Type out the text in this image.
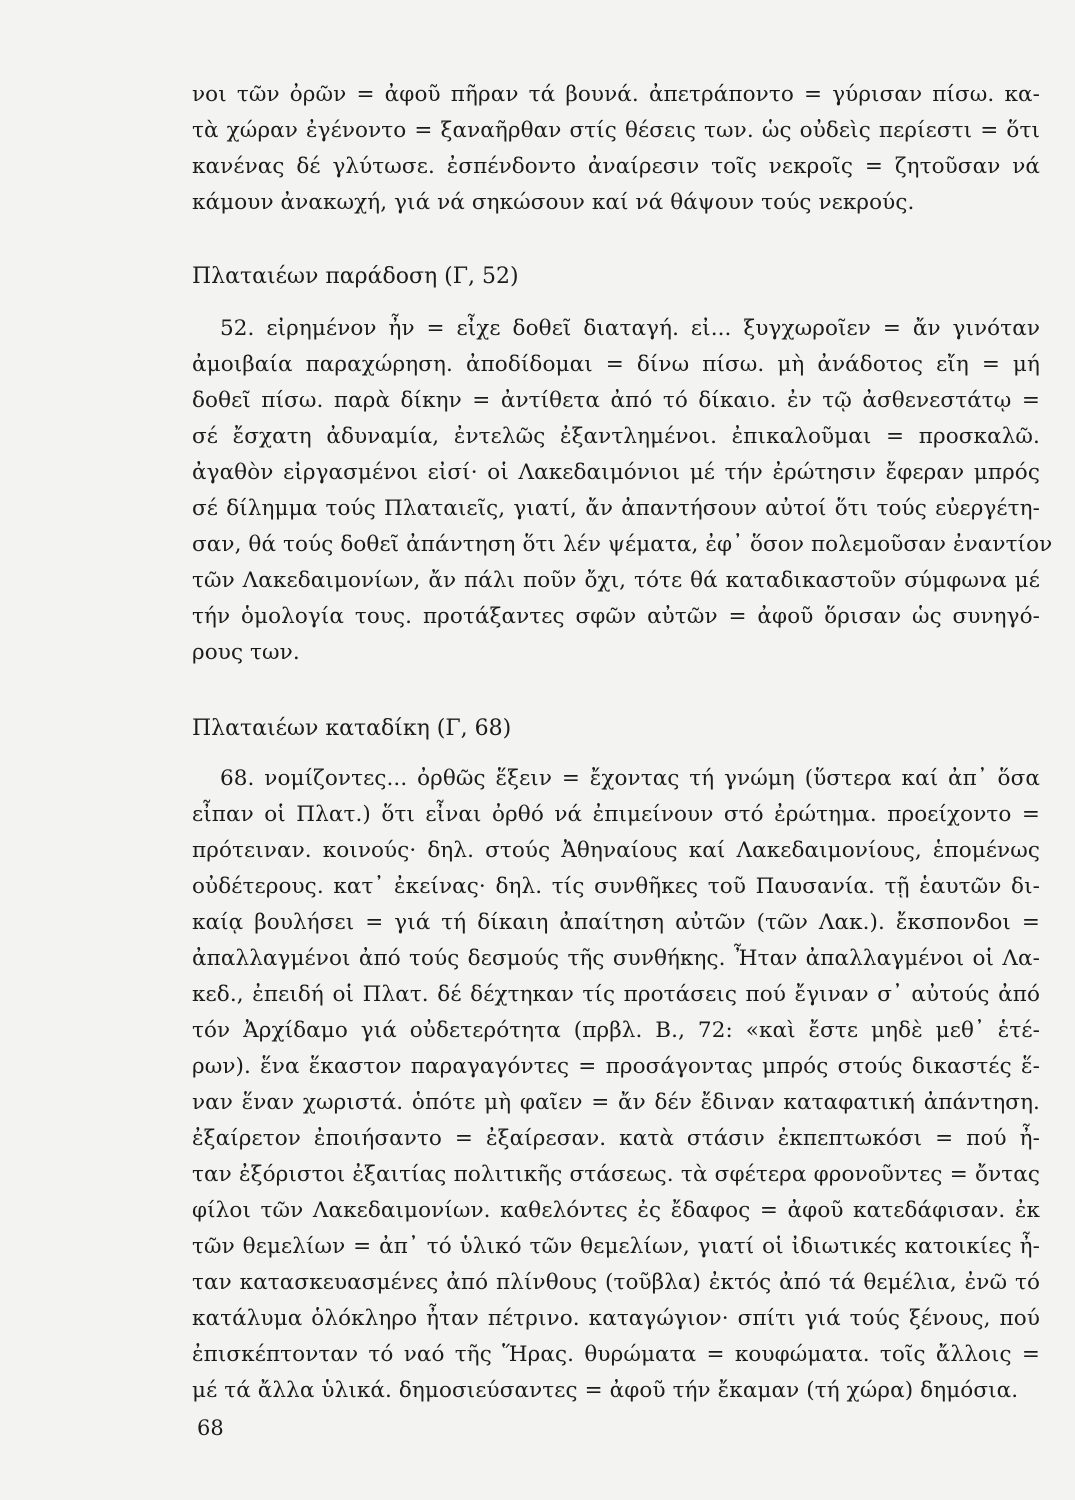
νοι τῶν ὀρῶν = ἀφοῦ πῆραν τά βουνά. ἀπετράποντο = γύρισαν πίσω. κα-
τὰ χώραν ἐγένοντο = ξαναῆρθαν στίς θέσεις των. ὡς οὐδεὶς περίεστι = ὅτι
κανένας δέ γλύτωσε. ἐσπένδοντο ἀναίρεσιν τοῖς νεκροῖς = ζητοῦσαν νά
κάμουν ἀνακωχή, γιά νά σηκώσουν καί νά θάψουν τούς νεκρούς.
Πλαταιέων παράδοση (Γ, 52)
52. εἰρημένον ἦν = εἶχε δοθεῖ διαταγή. εἰ... ξυγχωροῖεν = ἄν γινόταν
ἀμοιβαία παραχώρηση. ἀποδίδομαι = δίνω πίσω. μὴ ἀνάδοτος εἴη = μή
δοθεῖ πίσω. παρὰ δίκην = ἀντίθετα ἀπό τό δίκαιο. ἐν τῷ ἀσθενεστάτῳ =
σέ ἔσχατη ἀδυναμία, ἐντελῶς ἐξαντλημένοι. ἐπικαλοῦμαι = προσκαλῶ.
ἀγαθὸν εἰργασμένοι εἰσί· οἱ Λακεδαιμόνιοι μέ τήν ἐρώτησιν ἔφεραν μπρός
σέ δίλημμα τούς Πλαταιεῖς, γιατί, ἄν ἀπαντήσουν αὐτοί ὅτι τούς εὐεργέτη-
σαν, θά τούς δοθεῖ ἀπάντηση ὅτι λέν ψέματα, ἐφ᾽ ὅσον πολεμοῦσαν ἐναντίον
τῶν Λακεδαιμονίων, ἄν πάλι ποῦν ὄχι, τότε θά καταδικαστοῦν σύμφωνα μέ
τήν ὁμολογία τους. προτάξαντες σφῶν αὐτῶν = ἀφοῦ ὅρισαν ὡς συνηγό-
ρους των.
Πλαταιέων καταδίκη (Γ, 68)
68. νομίζοντες... ὀρθῶς ἕξειν = ἔχοντας τή γνώμη (ὕστερα καί ἀπ᾽ ὅσα
εἶπαν οἱ Πλατ.) ὅτι εἶναι ὀρθό νά ἐπιμείνουν στό ἐρώτημα. προείχοντο =
πρότειναν. κοινούς· δηλ. στούς Ἀθηναίους καί Λακεδαιμονίους, ἑπομένως
οὐδέτερους. κατ᾽ ἐκείνας· δηλ. τίς συνθῆκες τοῦ Παυσανία. τῇ ἑαυτῶν δι-
καίᾳ βουλήσει = γιά τή δίκαιη ἀπαίτηση αὐτῶν (τῶν Λακ.). ἔκσπονδοι =
ἀπαλλαγμένοι ἀπό τούς δεσμούς τῆς συνθήκης. Ἦταν ἀπαλλαγμένοι οἱ Λα-
κεδ., ἐπειδή οἱ Πλατ. δέ δέχτηκαν τίς προτάσεις πού ἔγιναν σ᾽ αὐτούς ἀπό
τόν Ἀρχίδαμο γιά οὐδετερότητα (πρβλ. Β., 72: «καὶ ἔστε μηδὲ μεθ᾽ ἑτέ-
ρων). ἕνα ἕκαστον παραγαγόντες = προσάγοντας μπρός στούς δικαστές ἕ-
ναν ἕναν χωριστά. ὁπότε μὴ φαῖεν = ἄν δέν ἔδιναν καταφατική ἀπάντηση.
ἐξαίρετον ἐποιήσαντο = ἐξαίρεσαν. κατὰ στάσιν ἐκπεπτωκόσι = πού ἦ-
ταν ἐξόριστοι ἐξαιτίας πολιτικῆς στάσεως. τὰ σφέτερα φρονοῦντες = ὄντας
φίλοι τῶν Λακεδαιμονίων. καθελόντες ἐς ἔδαφος = ἀφοῦ κατεδάφισαν. ἐκ
τῶν θεμελίων = ἀπ᾽ τό ὑλικό τῶν θεμελίων, γιατί οἱ ἰδιωτικές κατοικίες ἦ-
ταν κατασκευασμένες ἀπό πλίνθους (τοῦβλα) ἐκτός ἀπό τά θεμέλια, ἐνῶ τό
κατάλυμα ὁλόκληρο ἦταν πέτρινο. καταγώγιον· σπίτι γιά τούς ξένους, πού
ἐπισκέπτονταν τό ναό τῆς Ἥρας. θυρώματα = κουφώματα. τοῖς ἄλλοις =
μέ τά ἄλλα ὑλικά. δημοσιεύσαντες = ἀφοῦ τήν ἔκαμαν (τή χώρα) δημόσια.
68
